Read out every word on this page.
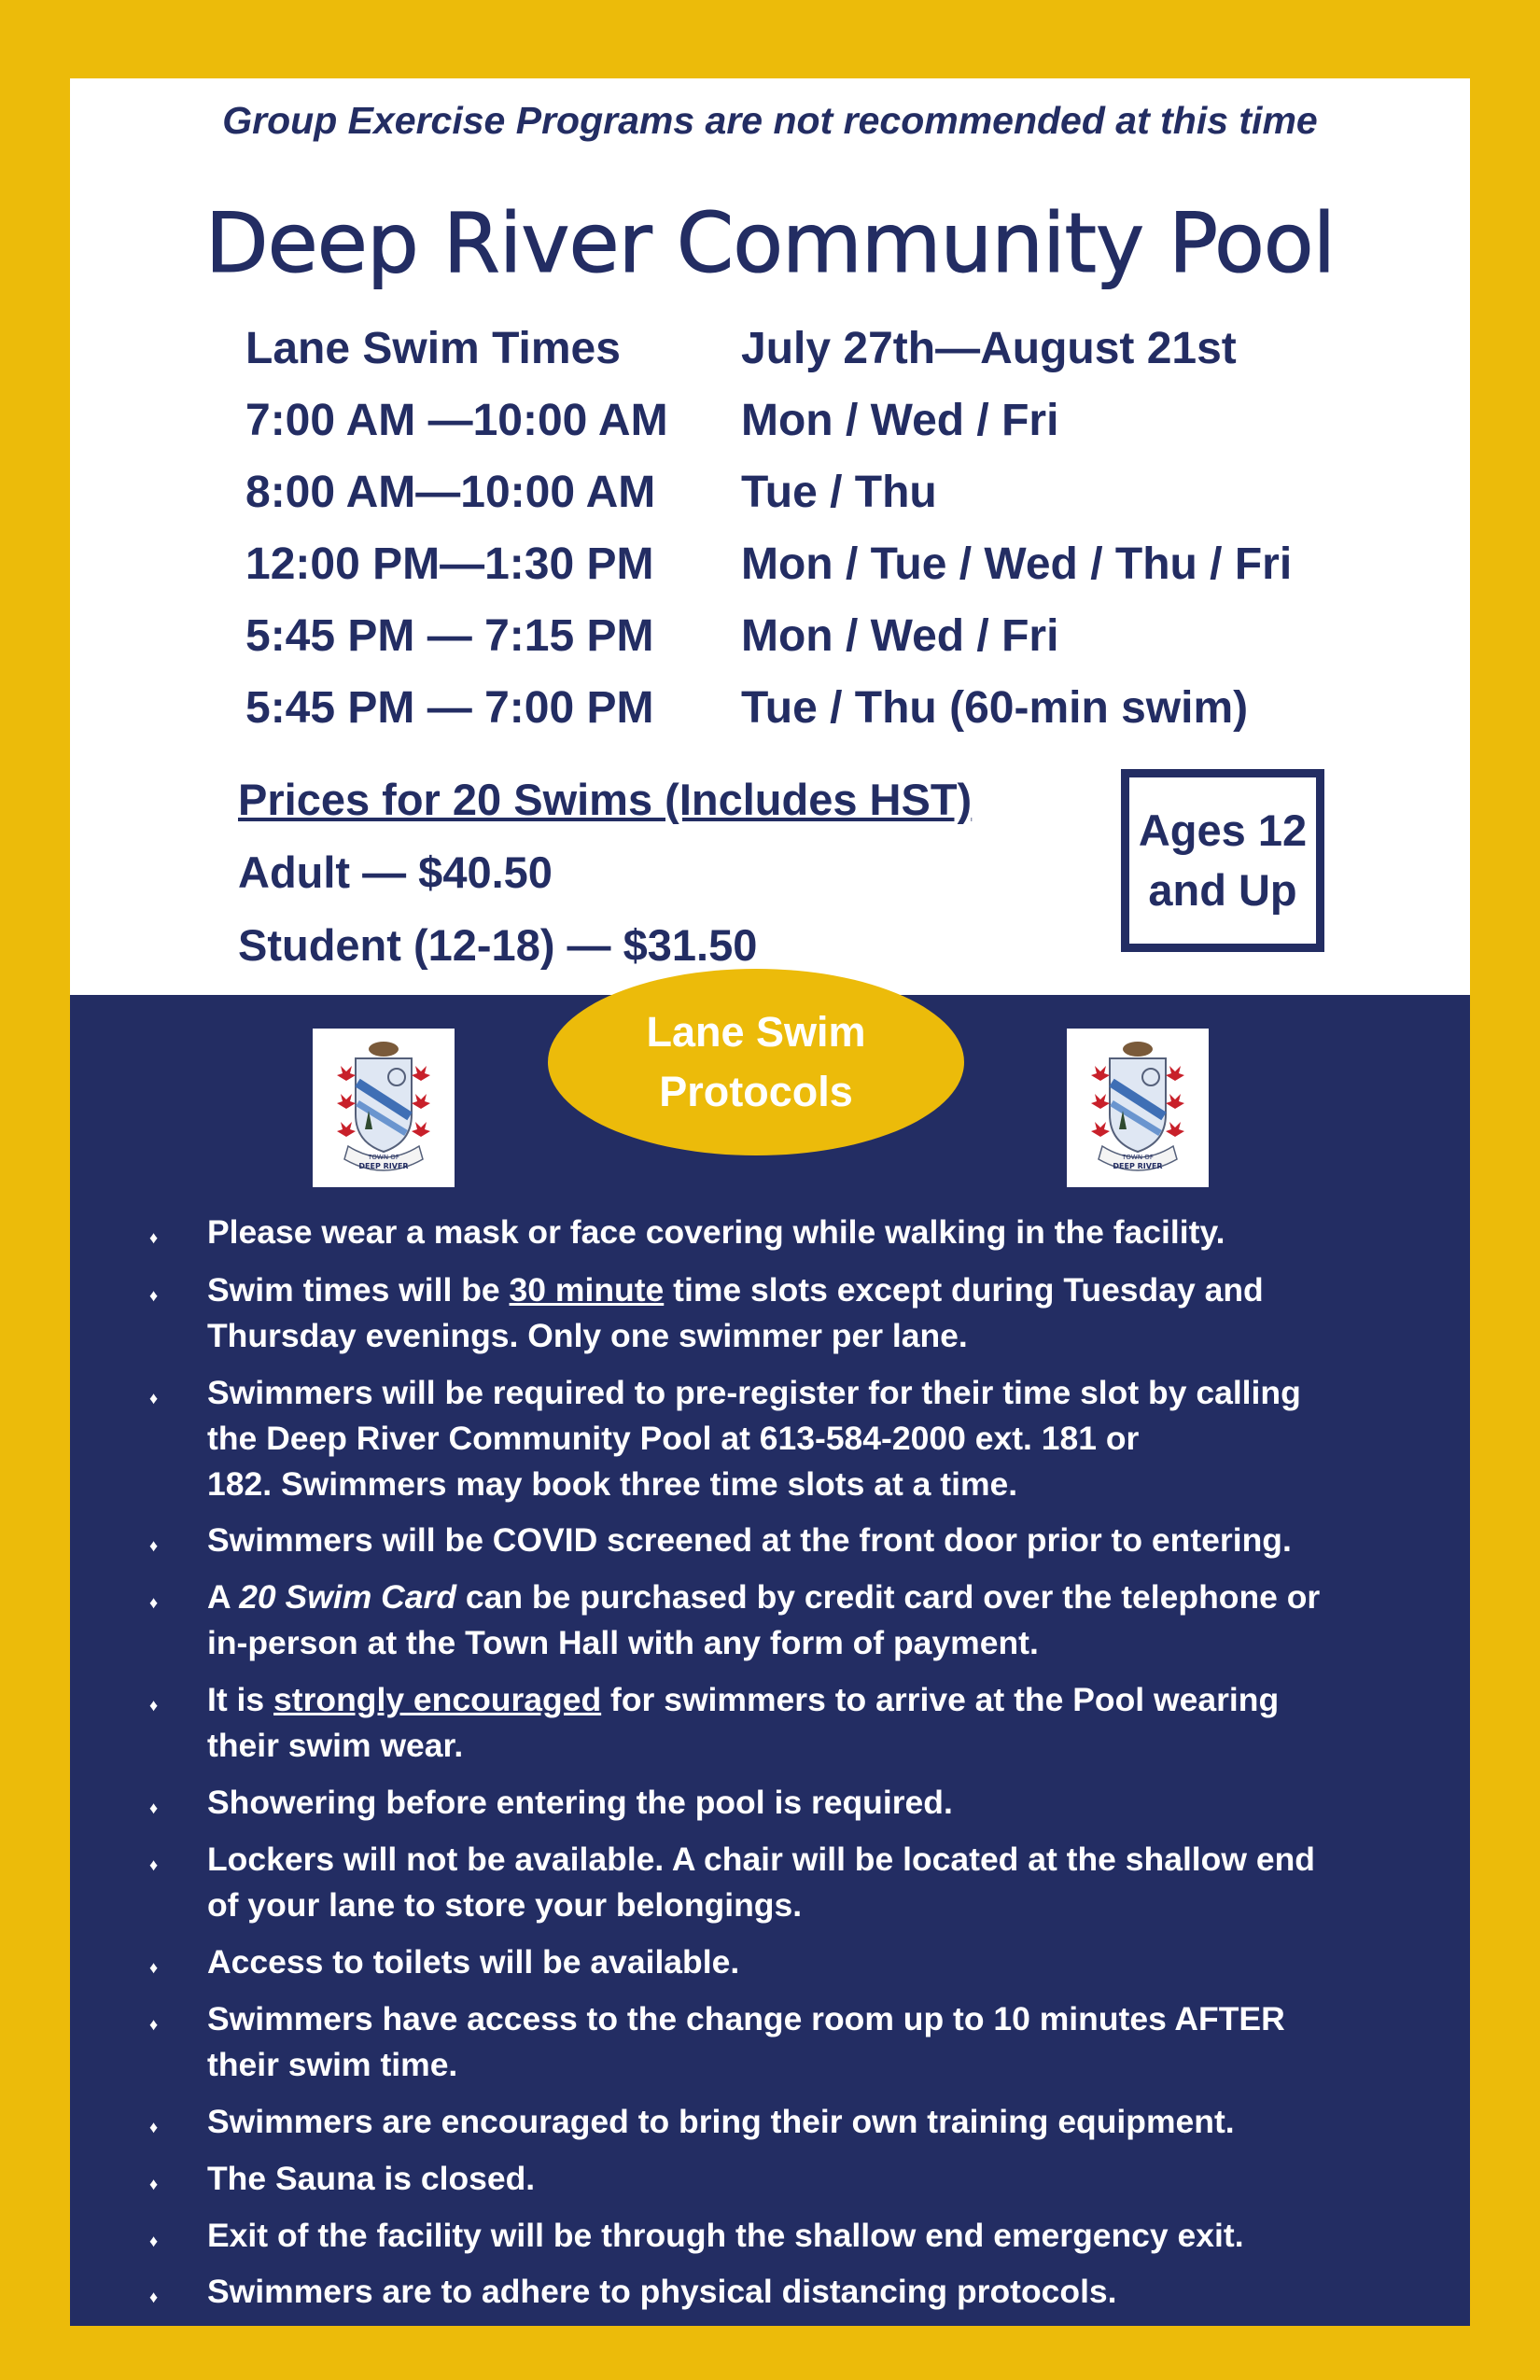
Group Exercise Programs are not recommended at this time
Deep River Community Pool
Lane Swim Times	July 27th—August 21st
7:00 AM —10:00 AM Mon / Wed / Fri
8:00 AM—10:00 AM Tue / Thu
12:00 PM—1:30 PM Mon / Tue / Wed / Thu / Fri
5:45 PM — 7:15 PM Mon / Wed / Fri
5:45 PM — 7:00 PM Tue / Thu (60-min swim)
Prices for 20 Swims (Includes HST)
Adult — $40.50
Student (12-18) — $31.50
Ages 12
and Up
TOWN OF
DEEP RIVER
TOWN OF
DEEP RIVER
Lane Swim
Protocols
♦ Please wear a mask or face covering while walking in the facility.
♦ Swim times will be 30 minute time slots except during Tuesday and
Thursday evenings. Only one swimmer per lane.
♦ Swimmers will be required to pre-register for their time slot by calling
the Deep River Community Pool at 613-584-2000 ext. 181 or
182. Swimmers may book three time slots at a time.
♦ Swimmers will be COVID screened at the front door prior to entering.
♦ A 20 Swim Card can be purchased by credit card over the telephone or
in-person at the Town Hall with any form of payment.
♦ It is strongly encouraged for swimmers to arrive at the Pool wearing
their swim wear.
♦ Showering before entering the pool is required.
♦ Lockers will not be available. A chair will be located at the shallow end
of your lane to store your belongings.
♦ Access to toilets will be available.
♦ Swimmers have access to the change room up to 10 minutes AFTER
their swim time.
♦ Swimmers are encouraged to bring their own training equipment.
♦ The Sauna is closed.
♦ Exit of the facility will be through the shallow end emergency exit.
♦ Swimmers are to adhere to physical distancing protocols.
